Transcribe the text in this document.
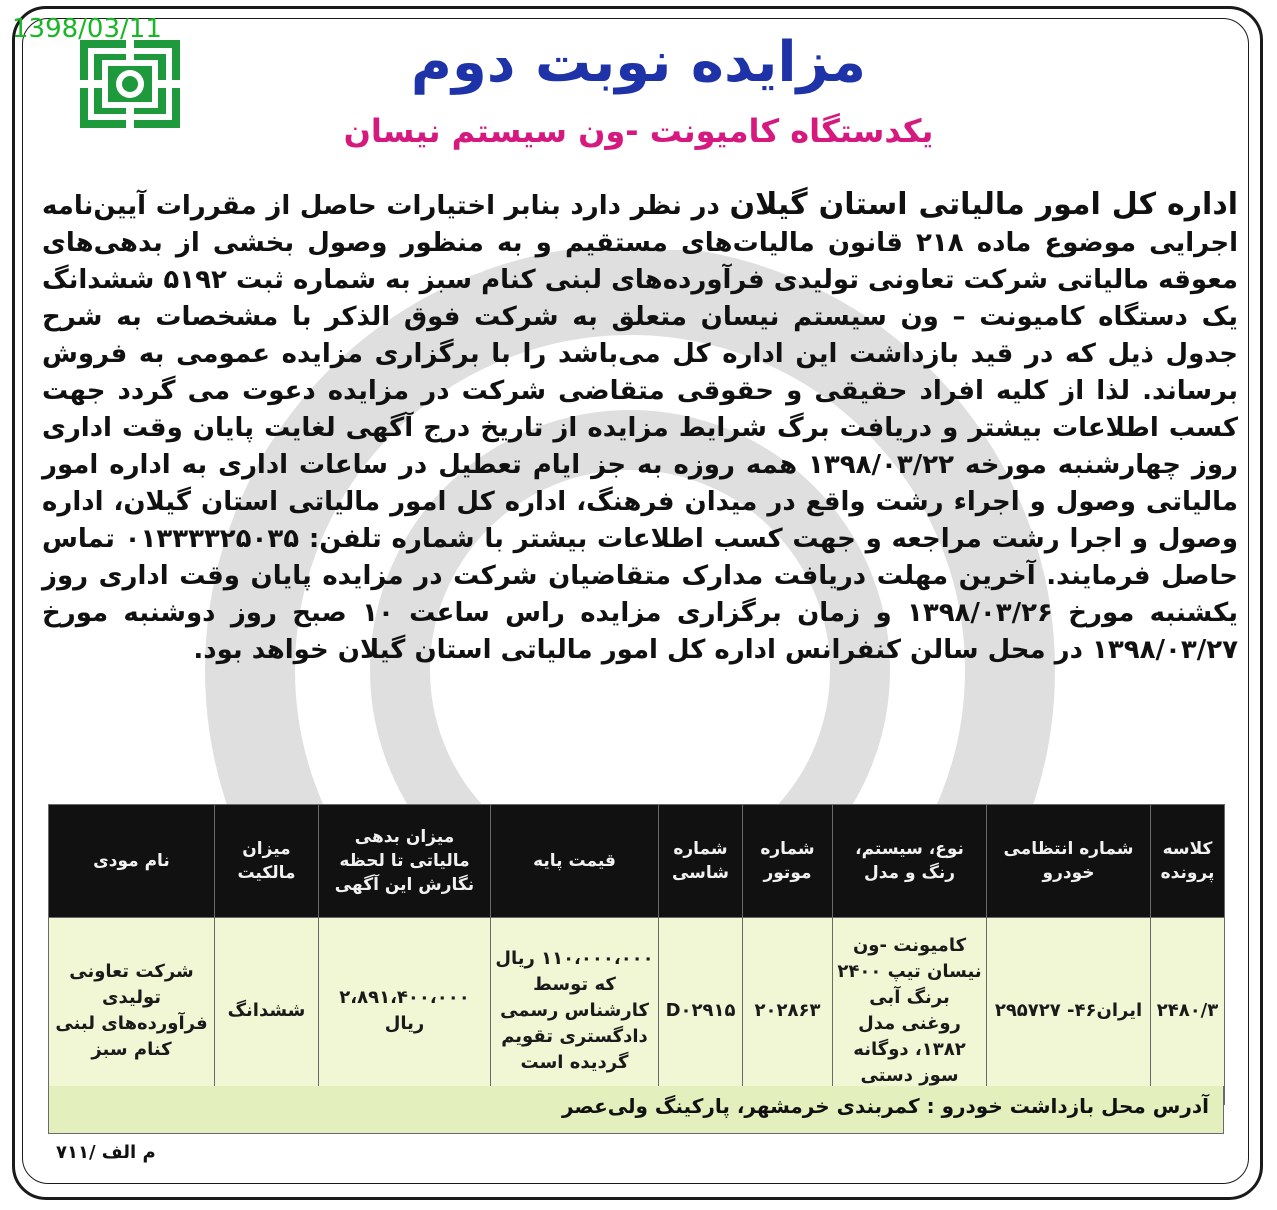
1398/03/11
مزایده نوبت دوم
یکدستگاه کامیونت -ون سیستم نیسان
اداره کل امور مالیاتی استان گیلان در نظر دارد بنابر اختیارات حاصل از مقررات آیین‌نامه اجرایی موضوع ماده ۲۱۸ قانون مالیات‌های مستقیم و به منظور وصول بخشی از بدهی‌های معوقه مالیاتی شرکت تعاونی تولیدی فرآورده‌های لبنی کنام سبز به شماره ثبت ۵۱۹۲ ششدانگ یک دستگاه کامیونت – ون سیستم نیسان متعلق به شرکت فوق الذکر با مشخصات به شرح جدول ذیل که در قید بازداشت این اداره کل می‌باشد را با برگزاری مزایده عمومی به فروش برساند. لذا از کلیه افراد حقیقی و حقوقی متقاضی شرکت در مزایده دعوت می گردد جهت کسب اطلاعات بیشتر و دریافت برگ شرایط مزایده از تاریخ درج آگهی لغایت پایان وقت اداری روز چهارشنبه مورخه ۱۳۹۸/۰۳/۲۲ همه روزه به جز ایام تعطیل در ساعات اداری به اداره امور مالیاتی وصول و اجراء رشت واقع در میدان فرهنگ، اداره کل امور مالیاتی استان گیلان، اداره وصول و اجرا رشت مراجعه و جهت کسب اطلاعات بیشتر با شماره تلفن: ۰۱۳۳۳۳۲۵۰۳۵ تماس حاصل فرمایند. آخرین مهلت دریافت مدارک متقاضیان شرکت در مزایده پایان وقت اداری روز یکشنبه مورخ ۱۳۹۸/۰۳/۲۶ و زمان برگزاری مزایده راس ساعت ۱۰ صبح روز دوشنبه مورخ ۱۳۹۸/۰۳/۲۷ در محل سالن کنفرانس اداره کل امور مالیاتی استان گیلان خواهد بود.
کلاسه پرونده	شماره انتظامی خودرو	نوع، سیستم، رنگ و مدل	شماره موتور	شماره شاسی	قیمت پایه	میزان بدهی مالیاتی تا لحظه نگارش این آگهی	میزان مالکیت	نام مودی
۲۴۸۰/۳	ایران۴۶- ۲۹۵۷۲۷	کامیونت -ون نیسان تیپ ۲۴۰۰ برنگ آبی روغنی مدل ۱۳۸۲، دوگانه سوز دستی	۲۰۲۸۶۳	D۰۲۹۱۵	۱۱۰،۰۰۰،۰۰۰ ریال که توسط کارشناس رسمی دادگستری تقویم گردیده است	۲،۸۹۱،۴۰۰،۰۰۰ ریال	ششدانگ	شرکت تعاونی تولیدی فرآورده‌های لبنی کنام سبز
آدرس محل بازداشت خودرو : کمربندی خرمشهر، پارکینگ ولی‌عصر
م الف /۷۱۱
